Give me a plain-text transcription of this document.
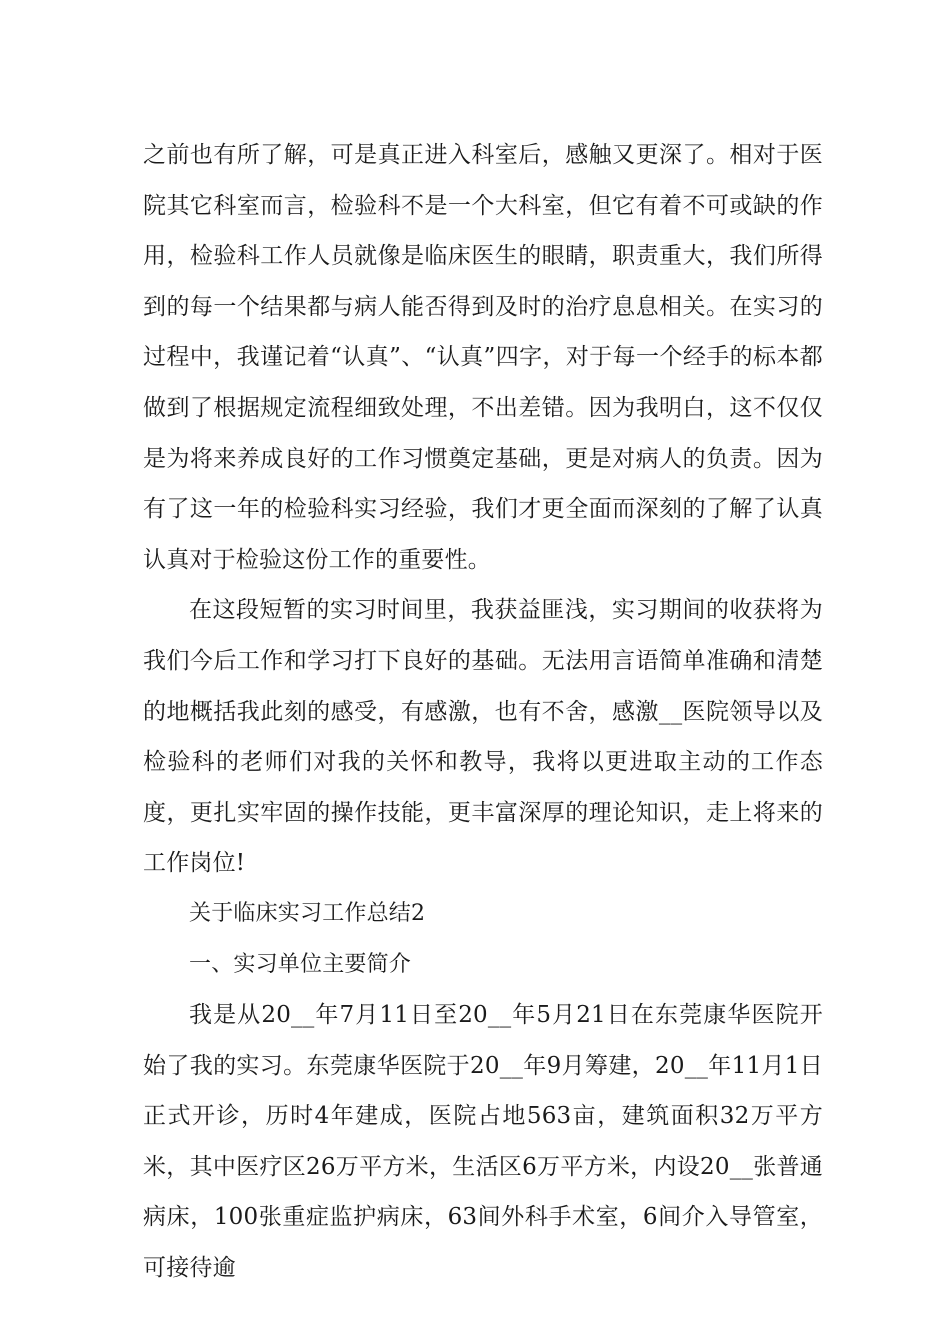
之前也有所了解，可是真正进入科室后，感触又更深了。相对于医院其它科室而言，检验科不是一个大科室，但它有着不可或缺的作用，检验科工作人员就像是临床医生的眼睛，职责重大，我们所得到的每一个结果都与病人能否得到及时的治疗息息相关。在实习的过程中，我谨记着“认真”、“认真”四字，对于每一个经手的标本都做到了根据规定流程细致处理，不出差错。因为我明白，这不仅仅是为将来养成良好的工作习惯奠定基础，更是对病人的负责。因为有了这一年的检验科实习经验，我们才更全面而深刻的了解了认真认真对于检验这份工作的重要性。

在这段短暂的实习时间里，我获益匪浅，实习期间的收获将为我们今后工作和学习打下良好的基础。无法用言语简单准确和清楚的地概括我此刻的感受，有感激，也有不舍，感激__医院领导以及检验科的老师们对我的关怀和教导，我将以更进取主动的工作态度，更扎实牢固的操作技能，更丰富深厚的理论知识，走上将来的工作岗位!

关于临床实习工作总结2

一、实习单位主要简介

我是从20__年7月11日至20__年5月21日在东莞康华医院开始了我的实习。东莞康华医院于20__年9月筹建，20__年11月1日正式开诊，历时4年建成，医院占地563亩，建筑面积32万平方米，其中医疗区26万平方米，生活区6万平方米，内设20__张普通病床，100张重症监护病床，63间外科手术室，6间介入导管室，可接待逾
